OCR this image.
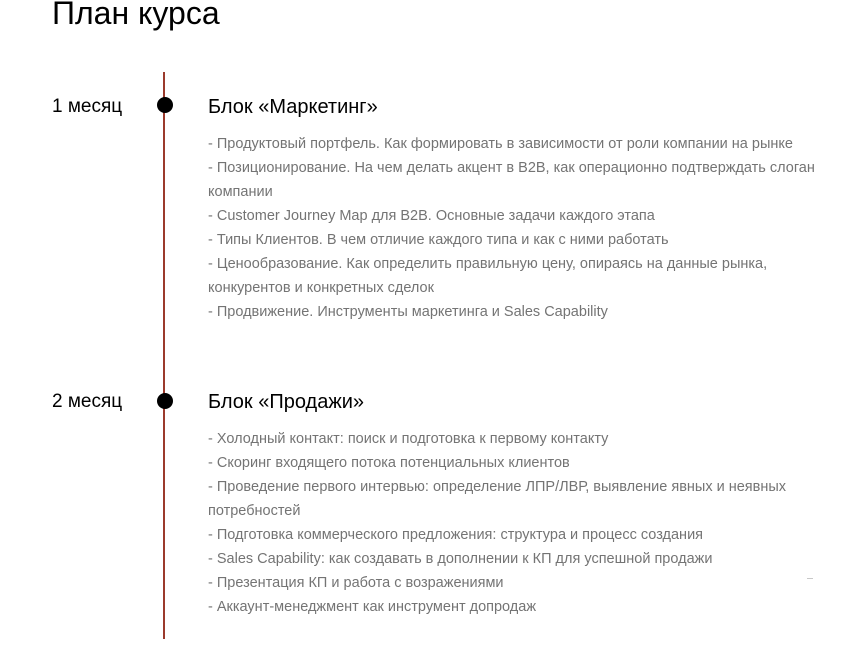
План курса
1 месяц	Блок «Маркетинг»
- Продуктовый портфель. Как формировать в зависимости от роли компании на рынке
- Позиционирование. На чем делать акцент в B2B, как операционно подтверждать слоган компании
- Customer Journey Map для B2B. Основные задачи каждого этапа
- Типы Клиентов. В чем отличие каждого типа и как с ними работать
- Ценообразование. Как определить правильную цену, опираясь на данные рынка, конкурентов и конкретных сделок
- Продвижение. Инструменты маркетинга и Sales Capability
2 месяц	Блок «Продажи»
- Холодный контакт: поиск и подготовка к первому контакту
- Скоринг входящего потока потенциальных клиентов
- Проведение первого интервью: определение ЛПР/ЛВР, выявление явных и неявных потребностей
- Подготовка коммерческого предложения: структура и процесс создания
- Sales Capability: как создавать в дополнении к КП для успешной продажи
- Презентация КП и работа с возражениями
- Аккаунт-менеджмент как инструмент допродаж
